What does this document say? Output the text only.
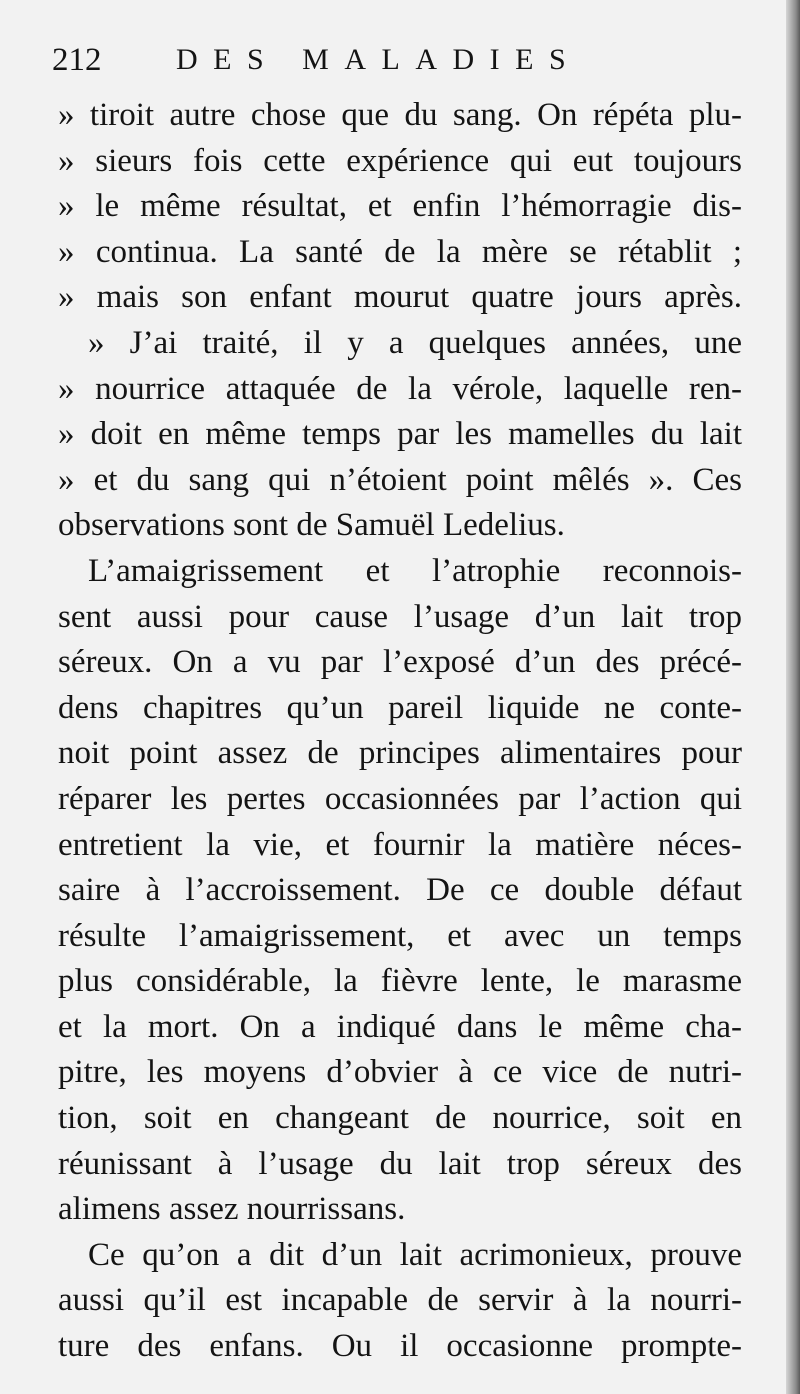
212 DES MALADIES
» tiroit autre chose que du sang. On répéta plu-
» sieurs fois cette expérience qui eut toujours
» le même résultat, et enfin l’hémorragie dis-
» continua. La santé de la mère se rétablit ;
» mais son enfant mourut quatre jours après.
» J’ai traité, il y a quelques années, une
» nourrice attaquée de la vérole, laquelle ren-
» doit en même temps par les mamelles du lait
» et du sang qui n’étoient point mêlés ». Ces
observations sont de Samuël Ledelius.
L’amaigrissement et l’atrophie reconnois-
sent aussi pour cause l’usage d’un lait trop
séreux. On a vu par l’exposé d’un des précé-
dens chapitres qu’un pareil liquide ne conte-
noit point assez de principes alimentaires pour
réparer les pertes occasionnées par l’action qui
entretient la vie, et fournir la matière néces-
saire à l’accroissement. De ce double défaut
résulte l’amaigrissement, et avec un temps
plus considérable, la fièvre lente, le marasme
et la mort. On a indiqué dans le même cha-
pitre, les moyens d’obvier à ce vice de nutri-
tion, soit en changeant de nourrice, soit en
réunissant à l’usage du lait trop séreux des
alimens assez nourrissans.
Ce qu’on a dit d’un lait acrimonieux, prouve
aussi qu’il est incapable de servir à la nourri-
ture des enfans. Ou il occasionne prompte-
